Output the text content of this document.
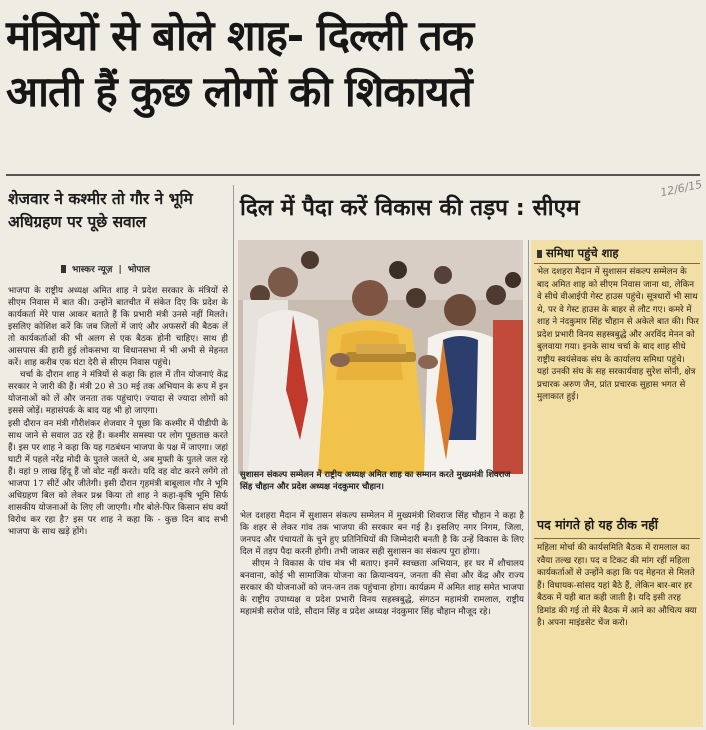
मंत्रियों से बोले शाह- दिल्ली तक
आती हैं कुछ लोगों की शिकायतें
शेजवार ने कश्मीर तो गौर ने भूमि अधिग्रहण पर पूछे सवाल
भास्कर न्यूज़ | भोपाल

भाजपा के राष्ट्रीय अध्यक्ष अमित शाह ने प्रदेश सरकार के मंत्रियों से सीएम निवास में बात की। उन्होंने बातचीत में संकेत दिए कि प्रदेश के कार्यकर्ता मेरे पास आकर बताते हैं कि प्रभारी मंत्री उनसे नहीं मिलते। इसलिए कोशिश करें कि जब जिलों में जाएं और अफसरों की बैठक लें तो कार्यकर्ताओं की भी अलग से एक बैठक होनी चाहिए। साथ ही आसपास की हारी हुई लोकसभा या विधानसभा में भी अभी से मेहनत करें। शाह करीब एक घंटा देरी से सीएम निवास पहुंचे।

चर्चा के दौरान शाह ने मंत्रियों से कहा कि हाल में तीन योजनाएं केंद्र सरकार ने जारी की हैं। मंत्री 20 से 30 मई तक अभियान के रूप में इन योजनाओं को लें और जनता तक पहुंचाएं। ज्यादा से ज्यादा लोगों को इससे जोड़ें। महासंपर्क के बाद यह भी हो जाएगा।

इसी दौरान वन मंत्री गौरीशंकर शेजवार ने पूछा कि कश्मीर में पीडीपी के साथ जाने से सवाल उठ रहे हैं। कश्मीर समस्या पर लोग पूछताछ करते हैं। इस पर शाह ने कहा कि यह गठबंधन भाजपा के पक्ष में जाएगा। जहां घाटी में पहले नरेंद्र मोदी के पुतले जलते थे, अब मुफ्ती के पुतले जल रहे हैं। वहां 9 लाख हिंदू हैं जो वोट नहीं करते। यदि वह वोट करने लगेंगे तो भाजपा 17 सीटें और जीतेगी। इसी दौरान गृहमंत्री बाबूलाल गौर ने भूमि अधिग्रहण बिल को लेकर प्रश्न किया तो शाह ने कहा-कृषि भूमि सिर्फ शासकीय योजनाओं के लिए ली जाएगी। गौर बोले-फिर किसान संघ क्यों विरोध कर रहा है? इस पर शाह ने कहा कि - कुछ दिन बाद सभी भाजपा के साथ खड़े होंगे।

दिल में पैदा करें विकास की तड़प : सीएम
12/6/15
सुशासन संकल्प सम्मेलन में राष्ट्रीय अध्यक्ष अमित शाह का सम्मान करते मुख्यमंत्री शिवराज सिंह चौहान और प्रदेश अध्यक्ष नंदकुमार चौहान।

भेल दशहरा मैदान में सुशासन संकल्प सम्मेलन में मुख्यमंत्री शिवराज सिंह चौहान ने कहा है कि शहर से लेकर गांव तक भाजपा की सरकार बन गई है। इसलिए नगर निगम, जिला, जनपद और पंचायतों के चुने हुए प्रतिनिधियों की जिम्मेदारी बनती है कि उन्हें विकास के लिए दिल में तड़प पैदा करनी होगी। तभी जाकर सही सुशासन का संकल्प पूरा होगा।

सीएम ने विकास के पांच मंत्र भी बताए। इनमें स्वच्छता अभियान, हर घर में शौचालय बनवाना, कोई भी सामाजिक योजना का क्रियान्वयन, जनता की सेवा और केंद्र और राज्य सरकार की योजनाओं को जन-जन तक पहुंचाना होगा। कार्यक्रम में अमित शाह समेत भाजपा के राष्ट्रीय उपाध्यक्ष व प्रदेश प्रभारी विनय सहस्त्रबुद्धे, संगठन महामंत्री रामलाल, राष्ट्रीय महामंत्री सरोज पांडे, सौदान सिंह व प्रदेश अध्यक्ष नंदकुमार सिंह चौहान मौजूद रहे।

समिधा पहुंचे शाह
भेल दशहरा मैदान में सुशासन संकल्प सम्मेलन के बाद अमित शाह को सीएम निवास जाना था, लेकिन वे सीधे वीआईपी गेस्ट हाउस पहुंचे। सूत्रधारों भी साथ थे, पर वे गेस्ट हाउस के बाहर से लौट गए। कमरे में शाह ने नंदकुमार सिंह चौहान से अकेले बात की। फिर प्रदेश प्रभारी विनय सहस्त्रबुद्धे और अरविंद मेनन को बुलवाया गया। इनके साथ चर्चा के बाद शाह सीधे राष्ट्रीय स्वयंसेवक संघ के कार्यालय समिधा पहुंचे। यहां उनकी संघ के सह सरकार्यवाह सुरेश सोनी, क्षेत्र प्रचारक अरुण जैन, प्रांत प्रचारक सुहास भगत से मुलाकात हुई।
पद मांगते हो यह ठीक नहीं
महिला मोर्चा की कार्यसमिति बैठक में रामलाल का रवैया तल्ख रहा। पद व टिकट की मांग रहीं महिला कार्यकर्ताओं से उन्होंने कहा कि पद मेहनत से मिलते हैं। विधायक-सांसद यहां बैठे हैं, लेकिन बार-बार हर बैठक में यही बात कही जाती है। यदि इसी तरह डिमांड की गई तो मेरे बैठक में आने का औचित्य क्या है। अपना माइंडसेट चेंज करो।
